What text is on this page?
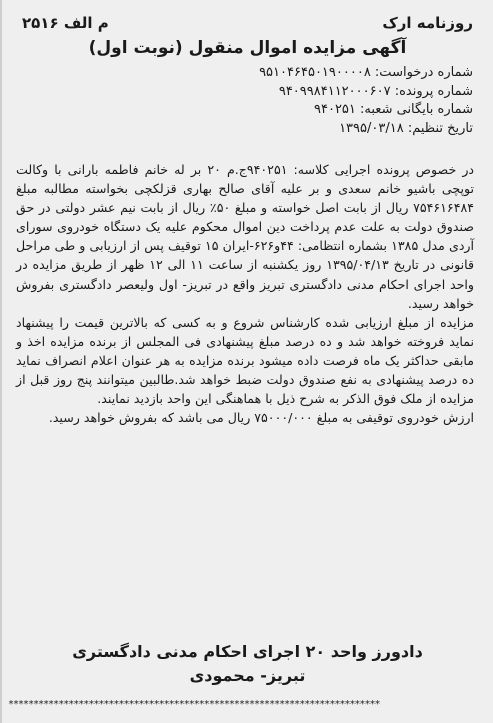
روزنامه ارک
م الف ۲۵۱۶
آگهی مزایده اموال منقول (نوبت اول)
شماره درخواست: ۹۵۱۰۴۶۴۵۰۱۹۰۰۰۰۸
شماره پرونده: ۹۴۰۹۹۸۴۱۱۲۰۰۰۶۰۷
شماره بایگانی شعبه: ۹۴۰۲۵۱
تاریخ تنظیم: ۱۳۹۵/۰۳/۱۸

در خصوص پرونده اجرایی کلاسه: ۹۴۰۲۵۱ج.م ۲۰ بر له خانم فاطمه بارانی با وکالت توپچی باشیو خانم سعدی و بر علیه آقای صالح بهاری قزلکچی بخواسته مطالبه مبلغ ۷۵۴۶۱۶۴۸۴ ریال از بابت اصل خواسته و مبلغ ۵۰٪ ریال از بابت نیم عشر دولتی در حق صندوق دولت به علت عدم پرداخت دین اموال محکوم علیه یک دستگاه خودروی سورای آردی مدل ۱۳۸۵ بشماره انتظامی: ۴۴و۶۲۶-ایران ۱۵ توقیف پس از ارزیابی و طی مراحل قانونی در تاریخ ۱۳۹۵/۰۴/۱۳ روز یکشنبه از ساعت ۱۱ الی ۱۲ ظهر از طریق مزایده در واحد اجرای احکام مدنی دادگستری تبریز واقع در تبریز- اول ولیعصر دادگستری بفروش خواهد رسید.

مزایده از مبلغ ارزیابی شده کارشناس شروع و به کسی که بالاترین قیمت را پیشنهاد نماید فروخته خواهد شد و ده درصد مبلغ پیشنهادی فی المجلس از برنده مزایده اخذ و مابقی حداکثر یک ماه فرصت داده میشود برنده مزایده به هر عنوان اعلام انصراف نماید ده درصد پیشنهادی به نفع صندوق دولت ضبط خواهد شد.طالبین میتوانند پنج روز قبل از مزایده از ملک فوق الذکر به شرح ذیل با هماهنگی این واحد بازدید نمایند.

ارزش خودروی توقیفی به مبلغ ۷۵۰۰۰/۰۰۰ ریال می باشد که بفروش خواهد رسید.

دادورز واحد ۲۰ اجرای احکام مدنی دادگستری
تبریز- محمودی
**************************************************************************
